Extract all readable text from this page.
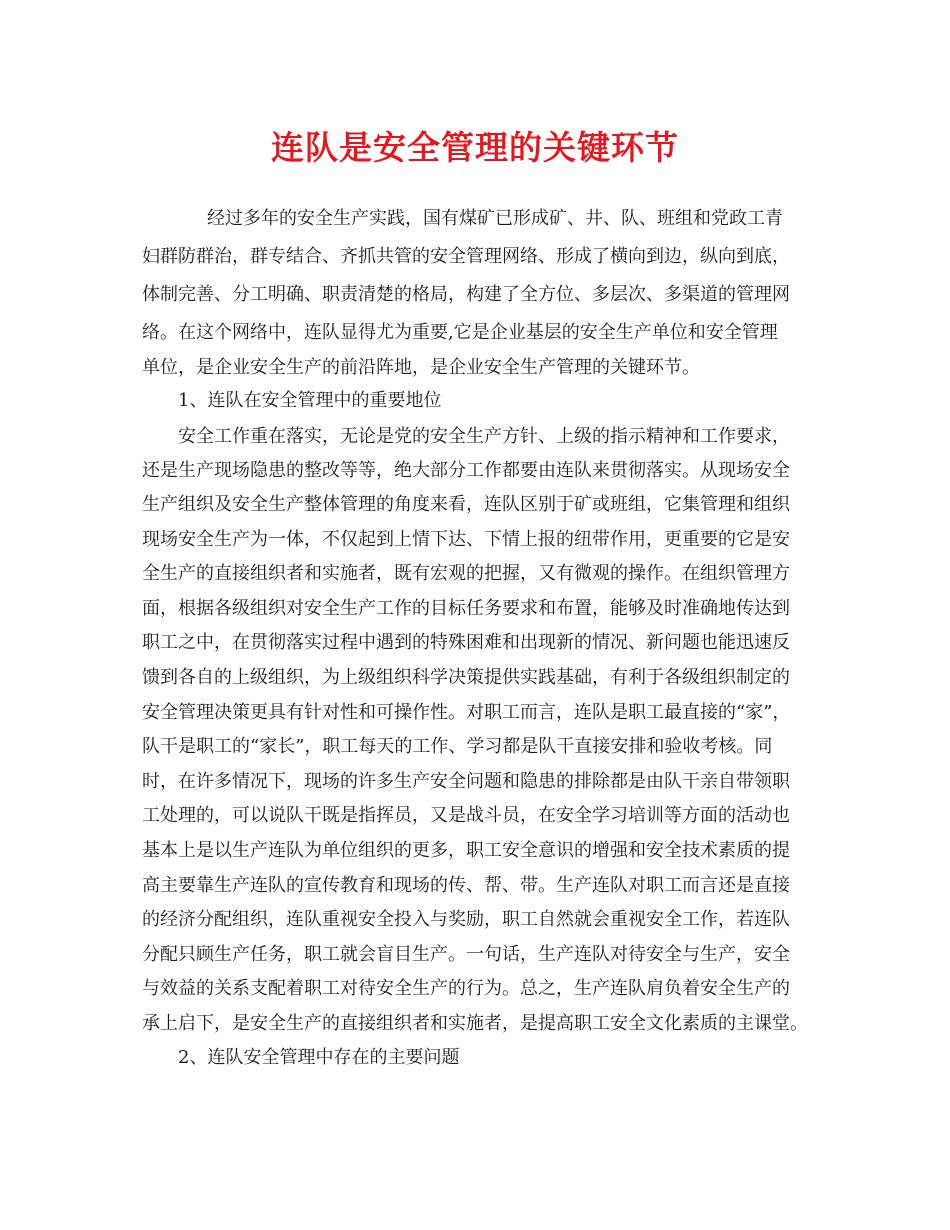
连队是安全管理的关键环节
经过多年的安全生产实践，国有煤矿已形成矿、井、队、班组和党政工青
妇群防群治，群专结合、齐抓共管的安全管理网络、形成了横向到边，纵向到底，
体制完善、分工明确、职责清楚的格局，构建了全方位、多层次、多渠道的管理网
络。在这个网络中，连队显得尤为重要,它是企业基层的安全生产单位和安全管理
单位，是企业安全生产的前沿阵地，是企业安全生产管理的关键环节。
1、连队在安全管理中的重要地位
安全工作重在落实，无论是党的安全生产方针、上级的指示精神和工作要求，
还是生产现场隐患的整改等等，绝大部分工作都要由连队来贯彻落实。从现场安全
生产组织及安全生产整体管理的角度来看，连队区别于矿或班组，它集管理和组织
现场安全生产为一体，不仅起到上情下达、下情上报的纽带作用，更重要的它是安
全生产的直接组织者和实施者，既有宏观的把握，又有微观的操作。在组织管理方
面，根据各级组织对安全生产工作的目标任务要求和布置，能够及时准确地传达到
职工之中，在贯彻落实过程中遇到的特殊困难和出现新的情况、新问题也能迅速反
馈到各自的上级组织，为上级组织科学决策提供实践基础，有利于各级组织制定的
安全管理决策更具有针对性和可操作性。对职工而言，连队是职工最直接的“家”，
队干是职工的“家长”，职工每天的工作、学习都是队干直接安排和验收考核。同
时，在许多情况下，现场的许多生产安全问题和隐患的排除都是由队干亲自带领职
工处理的，可以说队干既是指挥员，又是战斗员，在安全学习培训等方面的活动也
基本上是以生产连队为单位组织的更多，职工安全意识的增强和安全技术素质的提
高主要靠生产连队的宣传教育和现场的传、帮、带。生产连队对职工而言还是直接
的经济分配组织，连队重视安全投入与奖励，职工自然就会重视安全工作，若连队
分配只顾生产任务，职工就会盲目生产。一句话，生产连队对待安全与生产，安全
与效益的关系支配着职工对待安全生产的行为。总之，生产连队肩负着安全生产的
承上启下，是安全生产的直接组织者和实施者，是提高职工安全文化素质的主课堂。
2、连队安全管理中存在的主要问题
